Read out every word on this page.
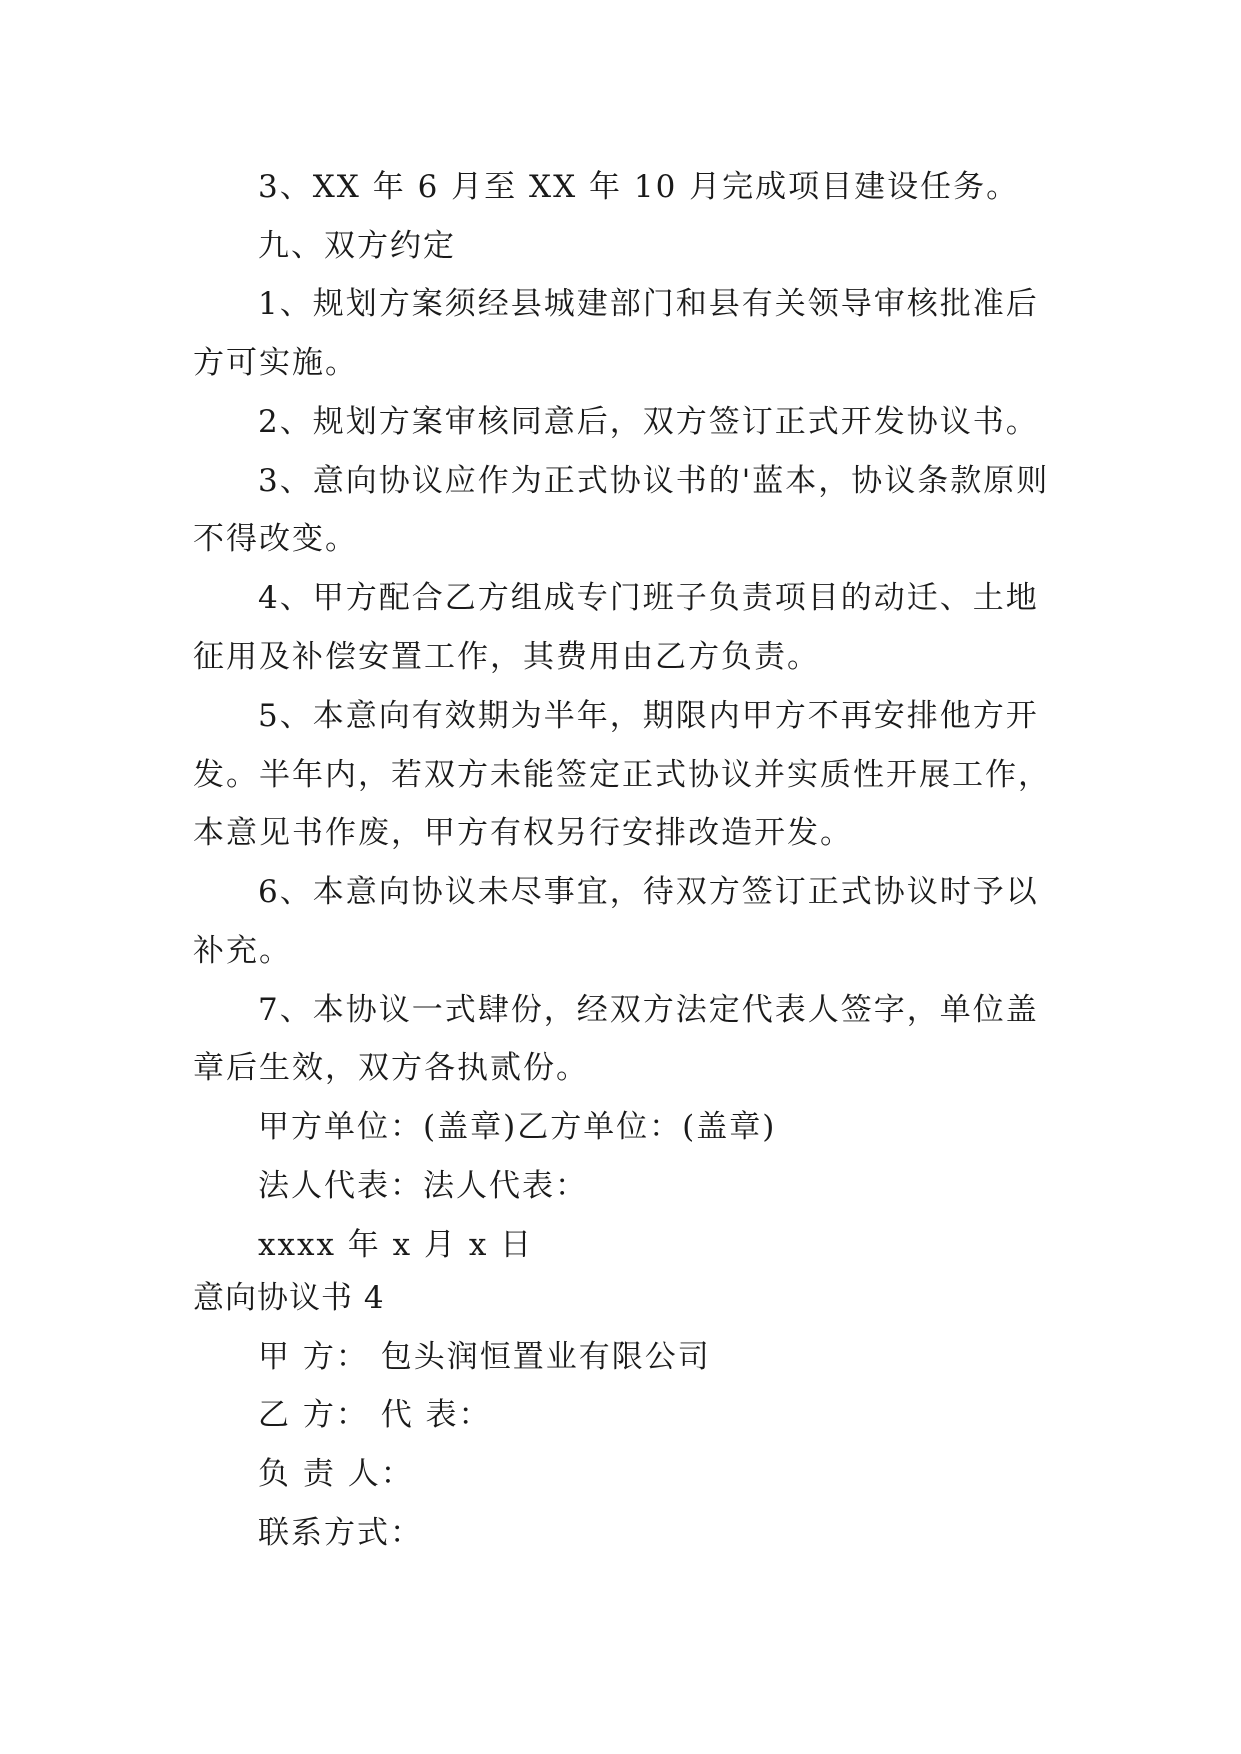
3、XX 年 6 月至 XX 年 10 月完成项目建设任务。
九、双方约定
1、规划方案须经县城建部门和县有关领导审核批准后
方可实施。
2、规划方案审核同意后，双方签订正式开发协议书。
3、意向协议应作为正式协议书的'蓝本，协议条款原则
不得改变。
4、甲方配合乙方组成专门班子负责项目的动迁、土地
征用及补偿安置工作，其费用由乙方负责。
5、本意向有效期为半年，期限内甲方不再安排他方开
发。半年内，若双方未能签定正式协议并实质性开展工作，
本意见书作废，甲方有权另行安排改造开发。
6、本意向协议未尽事宜，待双方签订正式协议时予以
补充。
7、本协议一式肆份，经双方法定代表人签字，单位盖
章后生效，双方各执贰份。
甲方单位：(盖章)乙方单位：(盖章)
法人代表：法人代表：
xxxx 年 x 月 x 日
意向协议书 4
甲 方： 包头润恒置业有限公司
乙 方： 代 表：
负 责 人：
联系方式：
